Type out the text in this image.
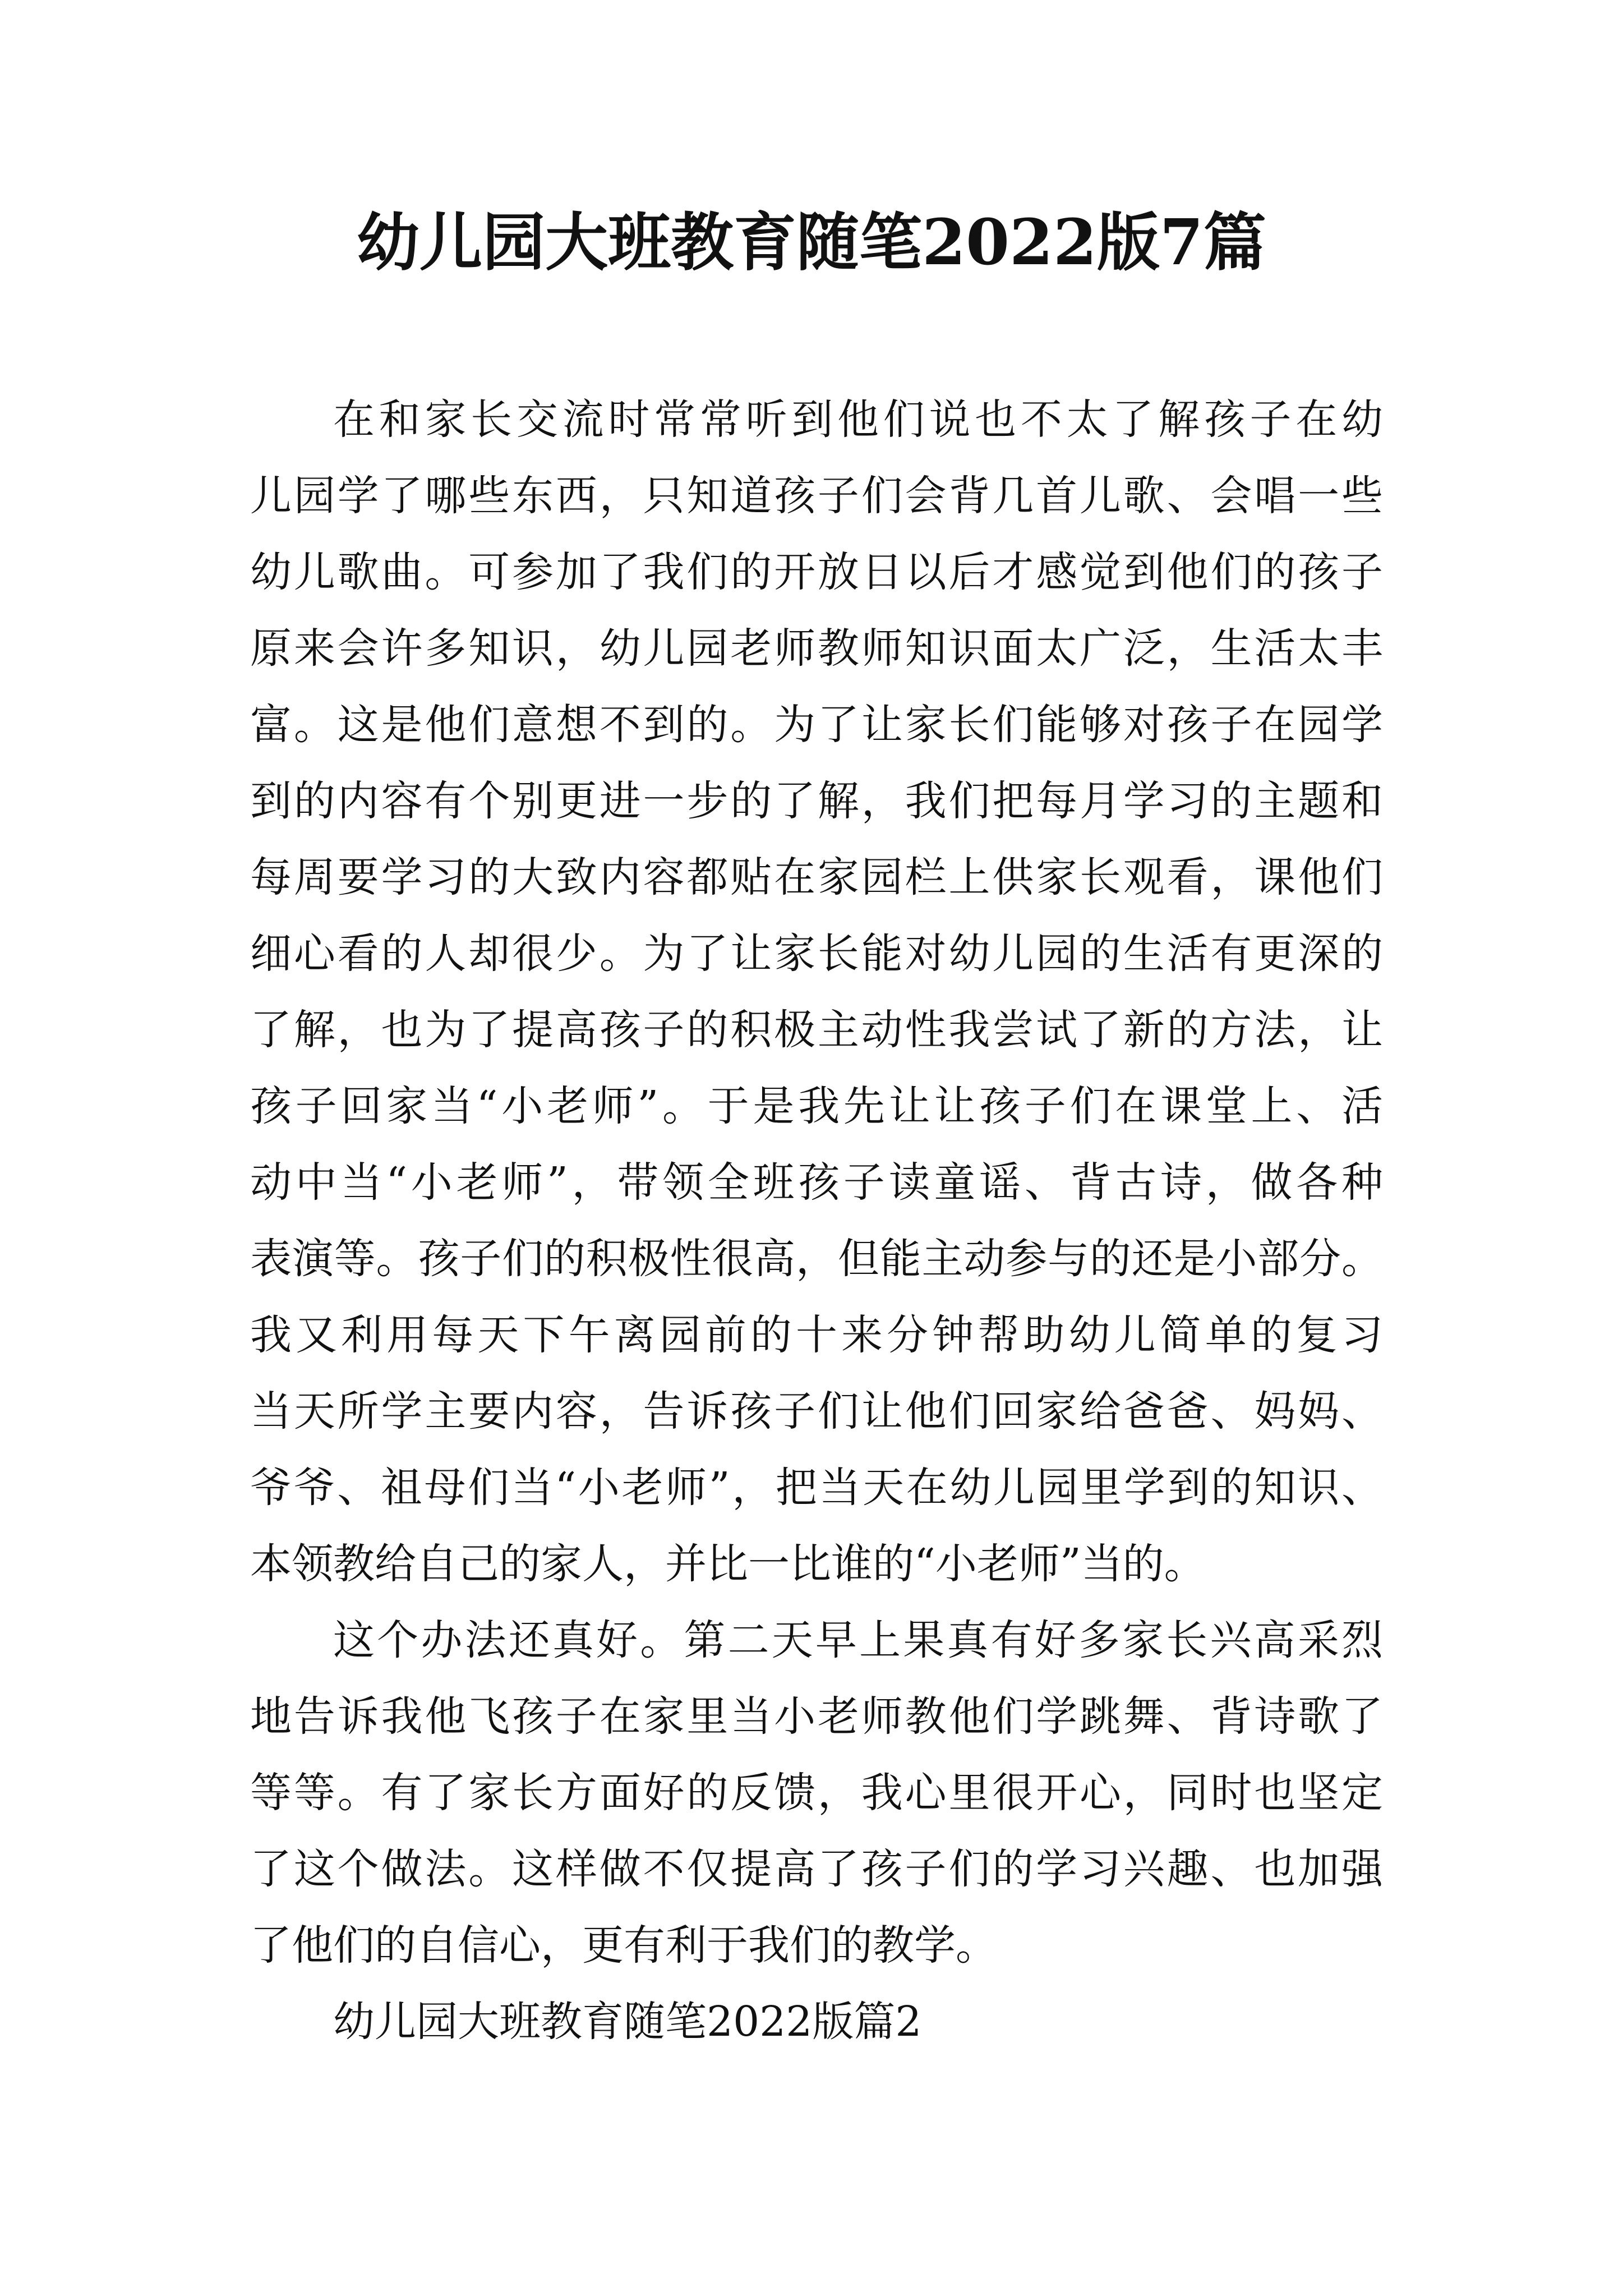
幼儿园大班教育随笔2022版7篇
在和家长交流时常常听到他们说也不太了解孩子在幼
儿园学了哪些东西，只知道孩子们会背几首儿歌、会唱一些
幼儿歌曲。可参加了我们的开放日以后才感觉到他们的孩子
原来会许多知识，幼儿园老师教师知识面太广泛，生活太丰
富。这是他们意想不到的。为了让家长们能够对孩子在园学
到的内容有个别更进一步的了解，我们把每月学习的主题和
每周要学习的大致内容都贴在家园栏上供家长观看，课他们
细心看的人却很少。为了让家长能对幼儿园的生活有更深的
了解，也为了提高孩子的积极主动性我尝试了新的方法，让
孩子回家当“小老师”。于是我先让让孩子们在课堂上、活
动中当“小老师”，带领全班孩子读童谣、背古诗，做各种
表演等。孩子们的积极性很高，但能主动参与的还是小部分。
我又利用每天下午离园前的十来分钟帮助幼儿简单的复习
当天所学主要内容，告诉孩子们让他们回家给爸爸、妈妈、
爷爷、祖母们当“小老师”，把当天在幼儿园里学到的知识、
本领教给自己的家人，并比一比谁的“小老师”当的。
这个办法还真好。第二天早上果真有好多家长兴高采烈
地告诉我他飞孩子在家里当小老师教他们学跳舞、背诗歌了
等等。有了家长方面好的反馈，我心里很开心，同时也坚定
了这个做法。这样做不仅提高了孩子们的学习兴趣、也加强
了他们的自信心，更有利于我们的教学。
幼儿园大班教育随笔2022版篇2
